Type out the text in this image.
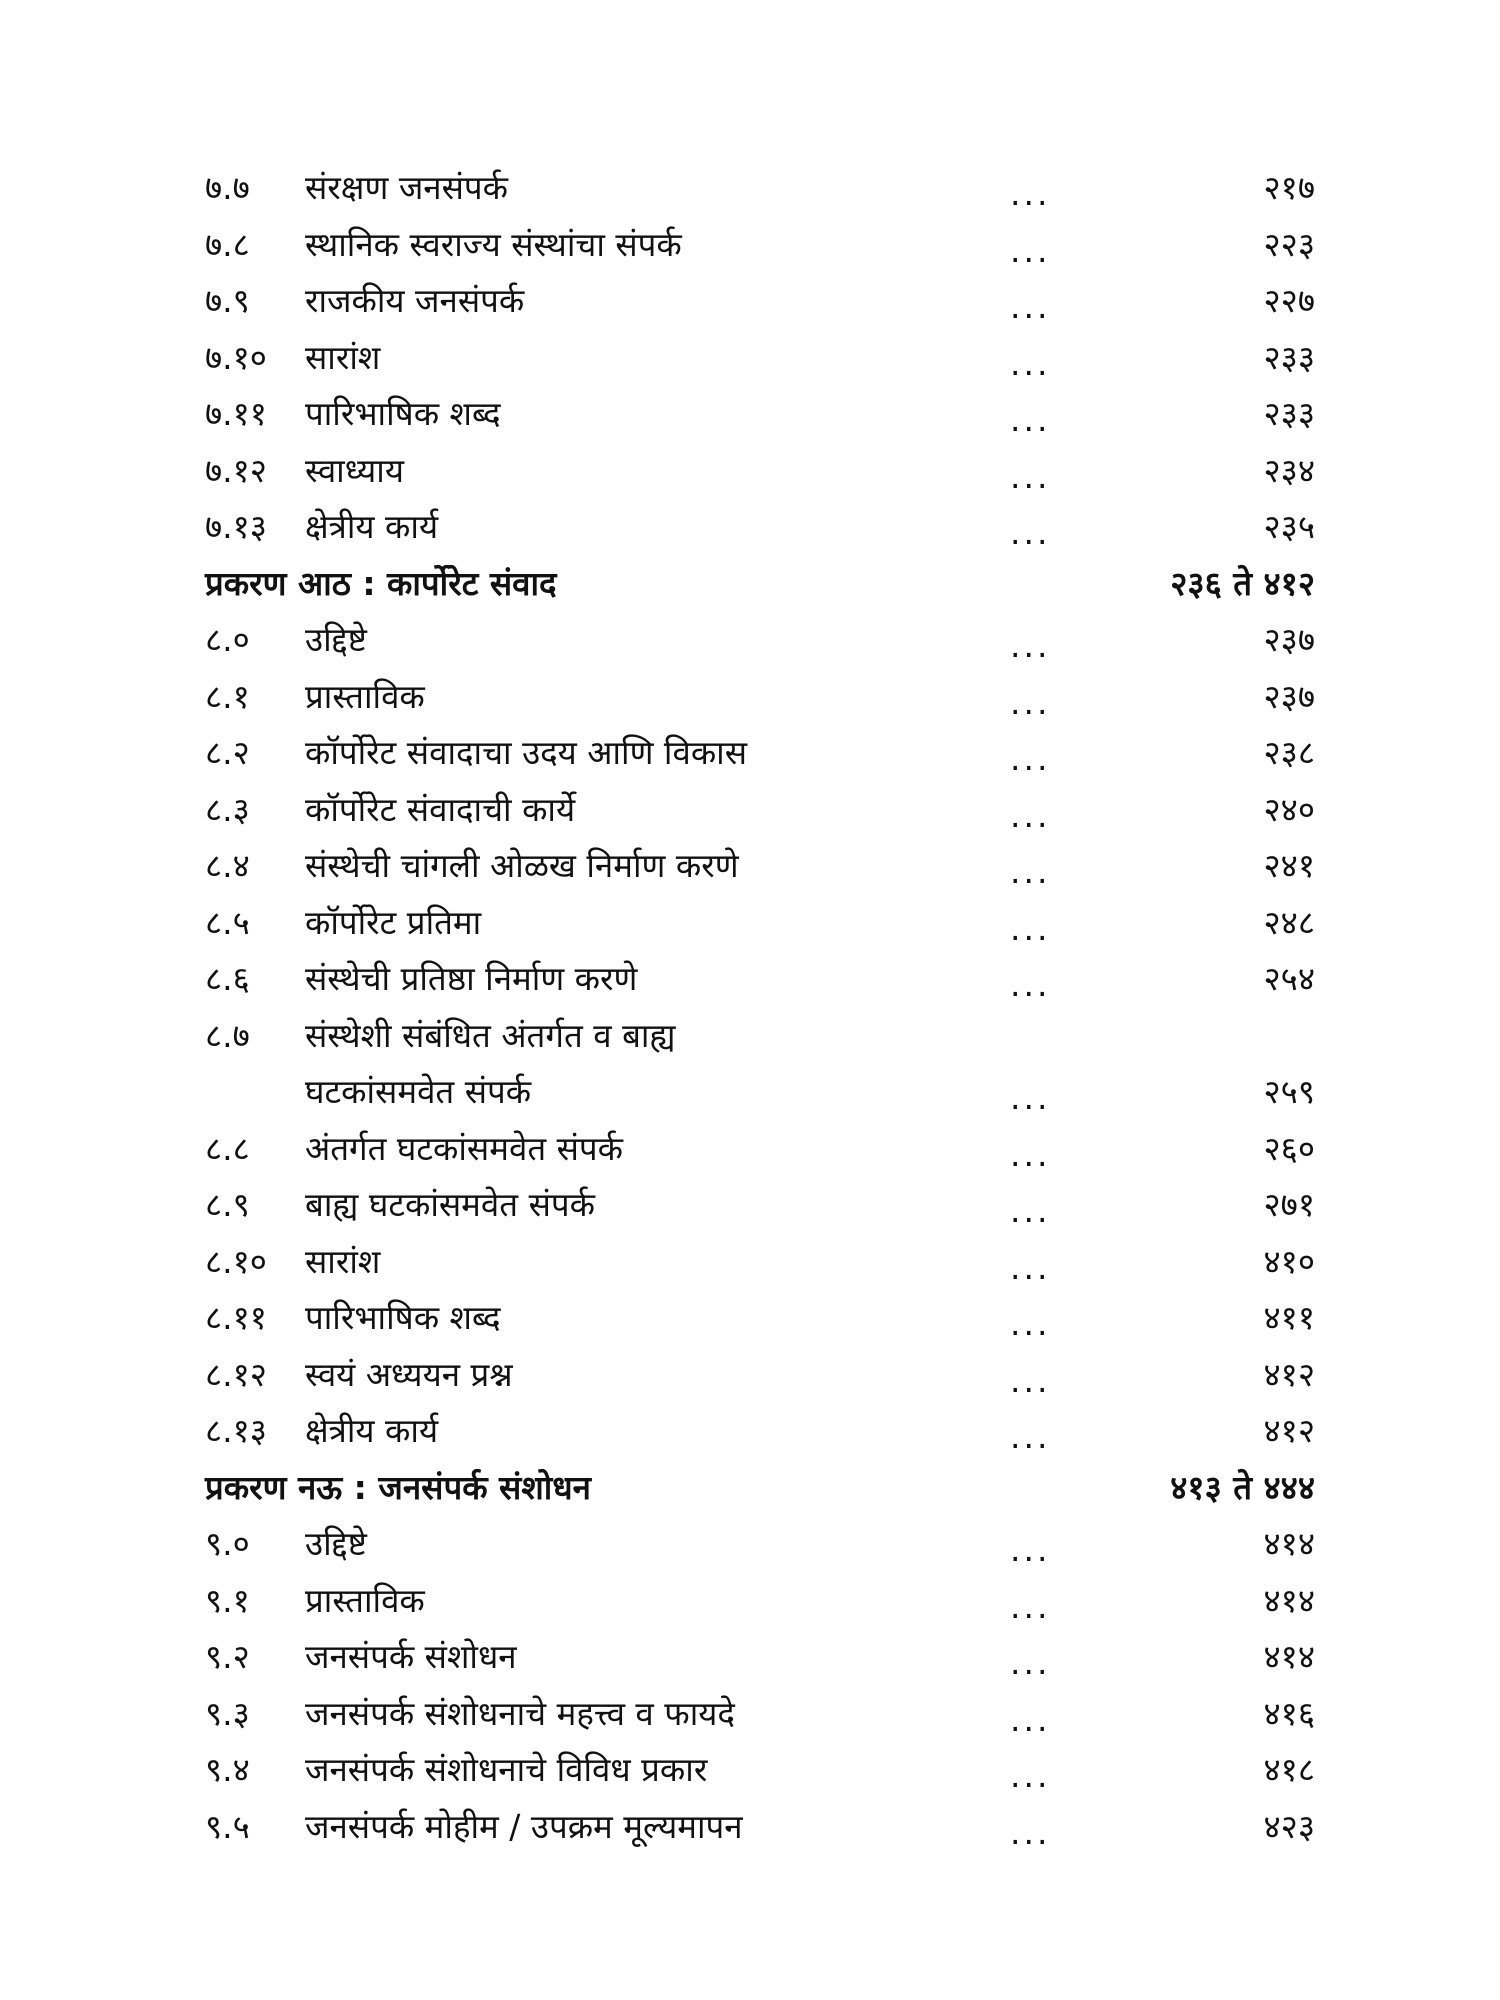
७.७ संरक्षण जनसंपर्क	...	२१७
७.८ स्थानिक स्वराज्य संस्थांचा संपर्क	...	२२३
७.९ राजकीय जनसंपर्क	...	२२७
७.१० सारांश	...	२३३
७.११ पारिभाषिक शब्द	...	२३३
७.१२ स्वाध्याय	...	२३४
७.१३ क्षेत्रीय कार्य	...	२३५
प्रकरण आठ : कार्पोरेट संवाद	२३६ ते ४१२
८.० उद्दिष्टे	...	२३७
८.१ प्रास्ताविक	...	२३७
८.२ कॉर्पोरेट संवादाचा उदय आणि विकास	...	२३८
८.३ कॉर्पोरेट संवादाची कार्ये	...	२४०
८.४ संस्थेची चांगली ओळख निर्माण करणे	...	२४१
८.५ कॉर्पोरेट प्रतिमा	...	२४८
८.६ संस्थेची प्रतिष्ठा निर्माण करणे	...	२५४
८.७ संस्थेशी संबंधित अंतर्गत व बाह्य
घटकांसमवेत संपर्क	...	२५९
८.८ अंतर्गत घटकांसमवेत संपर्क	...	२६०
८.९ बाह्य घटकांसमवेत संपर्क	...	२७१
८.१० सारांश	...	४१०
८.११ पारिभाषिक शब्द	...	४११
८.१२ स्वयं अध्ययन प्रश्न	...	४१२
८.१३ क्षेत्रीय कार्य	...	४१२
प्रकरण नऊ : जनसंपर्क संशोधन	४१३ ते ४४४
९.० उद्दिष्टे	...	४१४
९.१ प्रास्ताविक	...	४१४
९.२ जनसंपर्क संशोधन	...	४१४
९.३ जनसंपर्क संशोधनाचे महत्त्व व फायदे	...	४१६
९.४ जनसंपर्क संशोधनाचे विविध प्रकार	...	४१८
९.५ जनसंपर्क मोहीम / उपक्रम मूल्यमापन	...	४२३
